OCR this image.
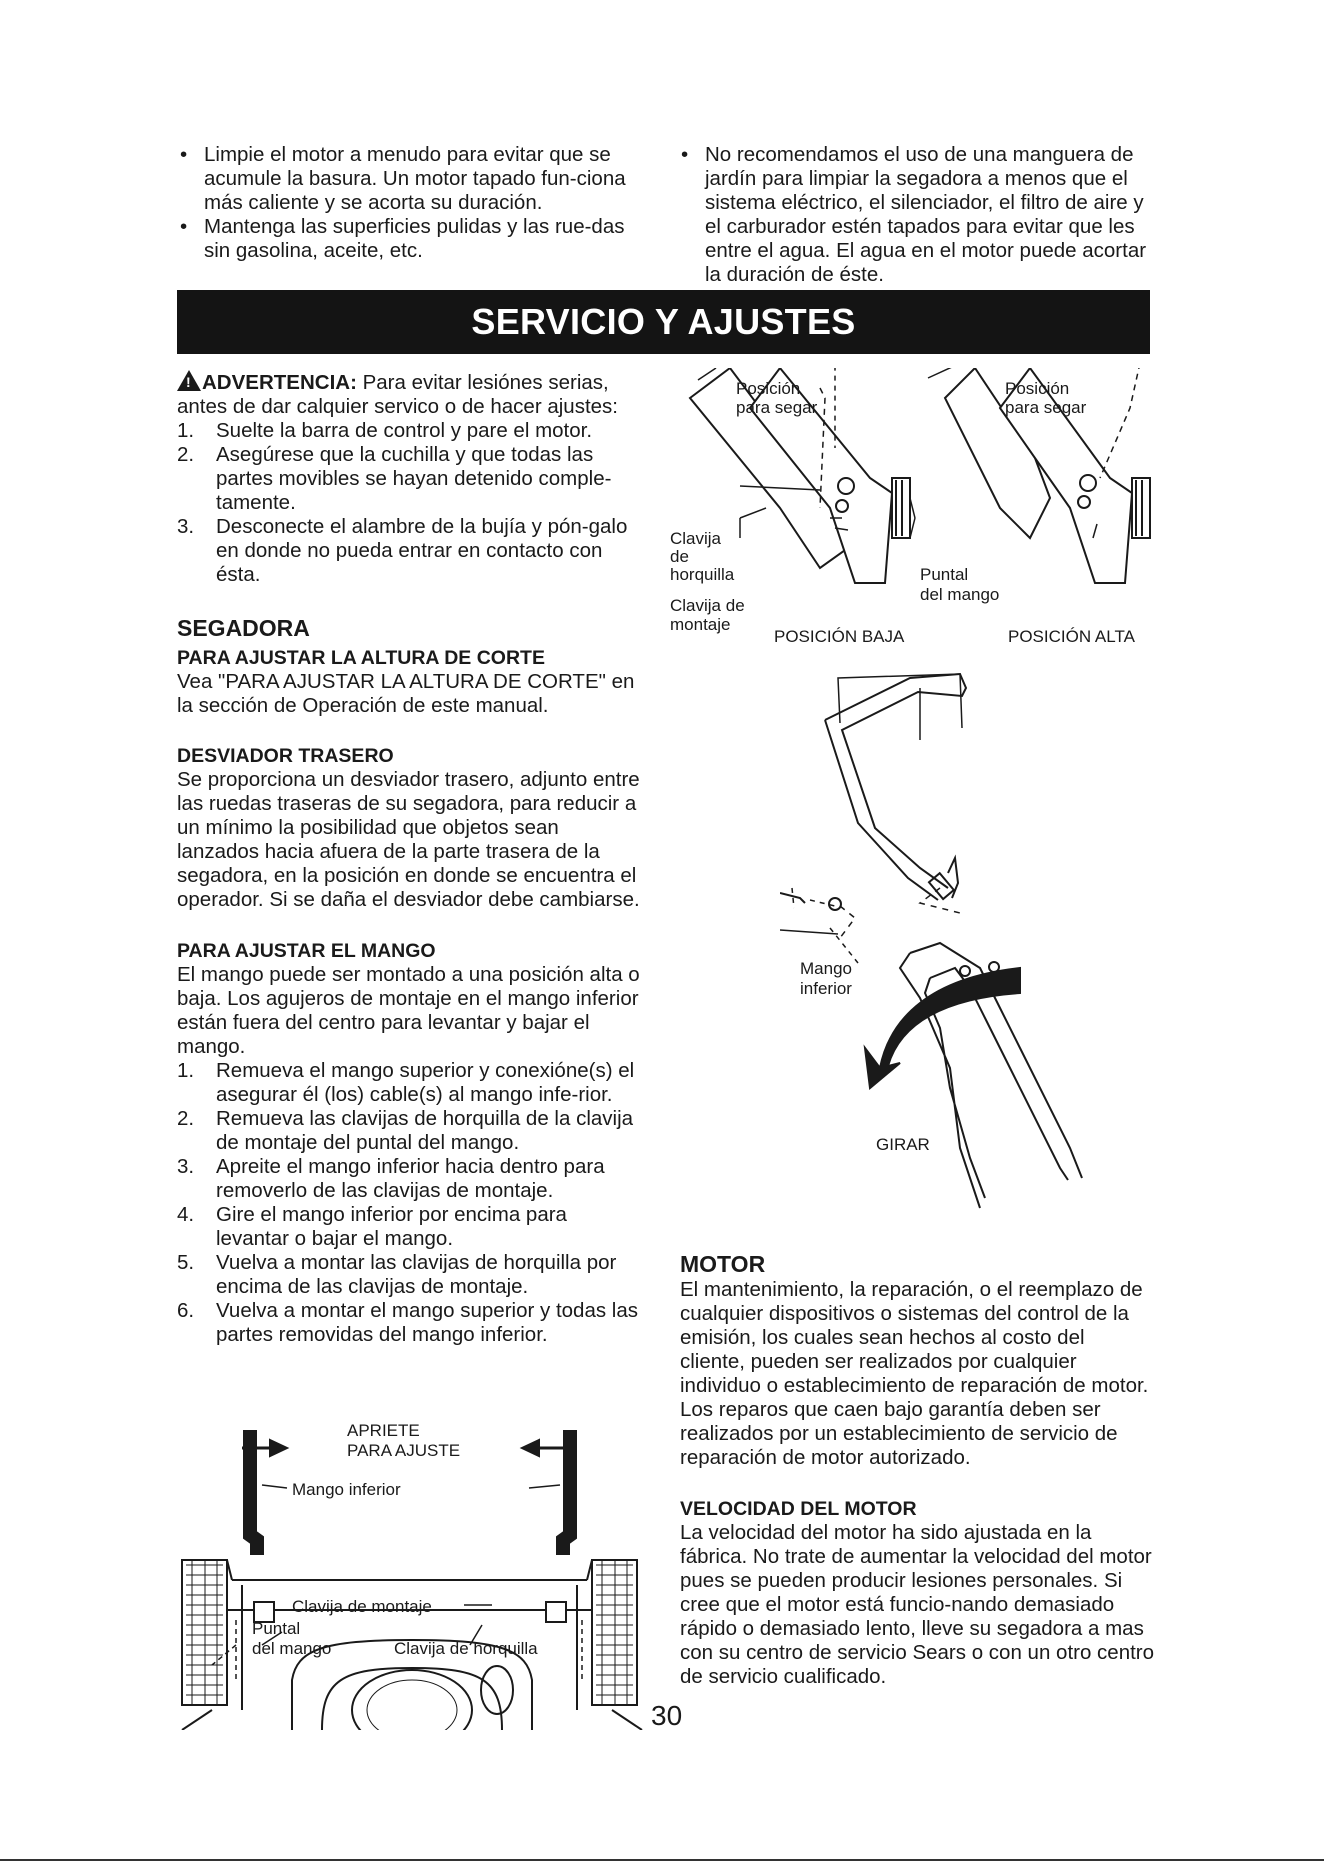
• Limpie el motor a menudo para evitar que se acumule la basura. Un motor tapado fun-ciona más caliente y se acorta su duración.
• Mantenga las superficies pulidas y las rue-das sin gasolina, aceite, etc.
• No recomendamos el uso de una manguera de jardín para limpiar la segadora a menos que el sistema eléctrico, el silenciador, el filtro de aire y el carburador estén tapados para evitar que les entre el agua. El agua en el motor puede acortar la duración de éste.
SERVICIO Y AJUSTES

!ADVERTENCIA: Para evitar lesiónes serias, antes de dar calquier servico o de hacer ajustes:

1. Suelte la barra de control y pare el motor.
2. Asegúrese que la cuchilla y que todas las partes movibles se hayan detenido comple-tamente.
3. Desconecte el alambre de la bujía y pón-galo en donde no pueda entrar en contacto con ésta.
SEGADORA
PARA AJUSTAR LA ALTURA DE CORTE

Vea "PARA AJUSTAR LA ALTURA DE CORTE" en la sección de Operación de este manual.

DESVIADOR TRASERO

Se proporciona un desviador trasero, adjunto entre las ruedas traseras de su segadora, para reducir a un mínimo la posibilidad que objetos sean lanzados hacia afuera de la parte trasera de la segadora, en la posición en donde se encuentra el operador. Si se daña el desviador debe cambiarse.

PARA AJUSTAR EL MANGO

El mango puede ser montado a una posición alta o baja. Los agujeros de montaje en el mango inferior están fuera del centro para levantar y bajar el mango.

1. Remueva el mango superior y conexióne(s) el asegurar él (los) cable(s) al mango infe-rior.
2. Remueva las clavijas de horquilla de la clavija de montaje del puntal del mango.
3. Apreite el mango inferior hacia dentro para removerlo de las clavijas de montaje.
4. Gire el mango inferior por encima para levantar o bajar el mango.
5. Vuelva a montar las clavijas de horquilla por encima de las clavijas de montaje.
6. Vuelva a montar el mango superior y todas las partes removidas del mango inferior.
Posición
para segar
Posición
para segar
Clavija
de
horquilla
Clavija de
montaje
Puntal
del mango
POSICIÓN BAJA	POSICIÓN ALTA
Mango
inferior
GIRAR
APRIETE
PARA AJUSTE
Mango inferior
Clavija de montaje
Puntal
del mango	Clavija de horquilla
MOTOR

El mantenimiento, la reparación, o el reemplazo de cualquier dispositivos o sistemas del control de la emisión, los cuales sean hechos al costo del cliente, pueden ser realizados por cualquier individuo o establecimiento de reparación de motor. Los reparos que caen bajo garantía deben ser realizados por un establecimiento de servicio de reparación de motor autorizado.

VELOCIDAD DEL MOTOR

La velocidad del motor ha sido ajustada en la fábrica. No trate de aumentar la velocidad del motor pues se pueden producir lesiones personales. Si cree que el motor está funcio-nando demasiado rápido o demasiado lento, lleve su segadora a mas con su centro de servicio Sears o con un otro centro de servicio cualificado.

30
